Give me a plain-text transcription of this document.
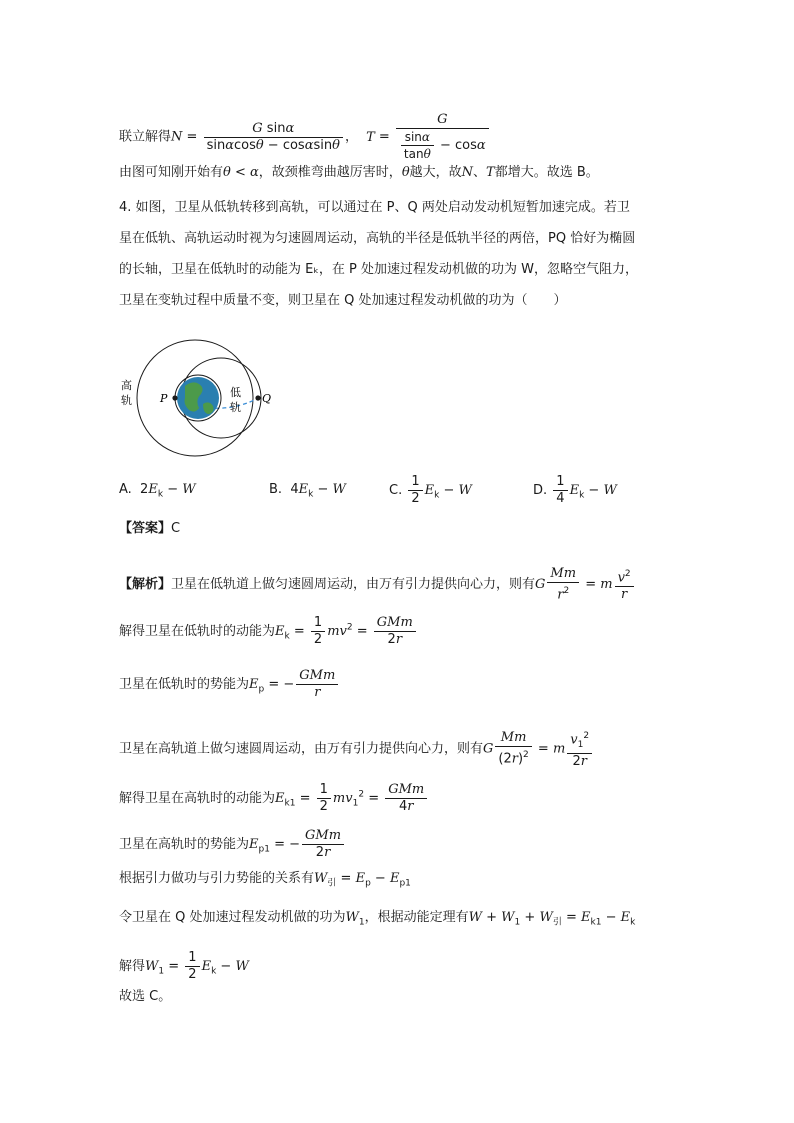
联立解得$N = \frac{\text{G sinα}}{\sin\alpha\cos\theta - \cos\alpha\sin\theta}$ ， $T = \frac{G}{\frac{\sin\alpha}{\tan\theta} - \cos\alpha}$
由图可知刚开始有θ < α，故颈椎弯曲越厉害时，θ越大，故N、T都增大。故选 B。
4. 如图，卫星从低轨转移到高轨，可以通过在 P、Q 两处启动发动机短暂加速完成。若卫
星在低轨、高轨运动时视为匀速圆周运动，高轨的半径是低轨半径的两倍，PQ 恰好为椭圆
的长轴，卫星在低轨时的动能为 Eₖ，在 P 处加速过程发动机做的功为 W，忽略空气阻力，
卫星在变轨过程中质量不变，则卫星在 Q 处加速过程发动机做的功为（　　）
高
轨
低
轨
P	Q
A.  $2E_k - W$	B.  $4E_k - W$	C. $\frac{1}{2} E_k - W$	D. $\frac{1}{4} E_k - W$
【答案】C
【解析】卫星在低轨道上做匀速圆周运动，由万有引力提供向心力，则有G $\frac{Mm}{r^2} = m \frac{v^2}{r}$
解得卫星在低轨时的动能为$E_k = \frac{1}{2} mv^2 = \frac{\text{GMm}}{2r}$
卫星在低轨时的势能为$E_p$ = − $\frac{\text{GMm}}{r}$
卫星在高轨道上做匀速圆周运动，由万有引力提供向心力，则有G $\frac{Mm}{(2r)^2} = m \frac{v_1^2}{2r}$
解得卫星在高轨时的动能为$E_{k1} = \frac{1}{2} mv_1^2 = \frac{\text{GMm}}{4r}$
卫星在高轨时的势能为$E_{p1}$ = − $\frac{\text{GMm}}{2r}$
根据引力做功与引力势能的关系有$W_引 = E_p - E_{p1}$
令卫星在 Q 处加速过程发动机做的功为$W_1$，根据动能定理有$W + W_1 + W_引 = E_{k1} - E_k$
解得$W_1 = \frac{1}{2} E_k - W$
故选 C。
